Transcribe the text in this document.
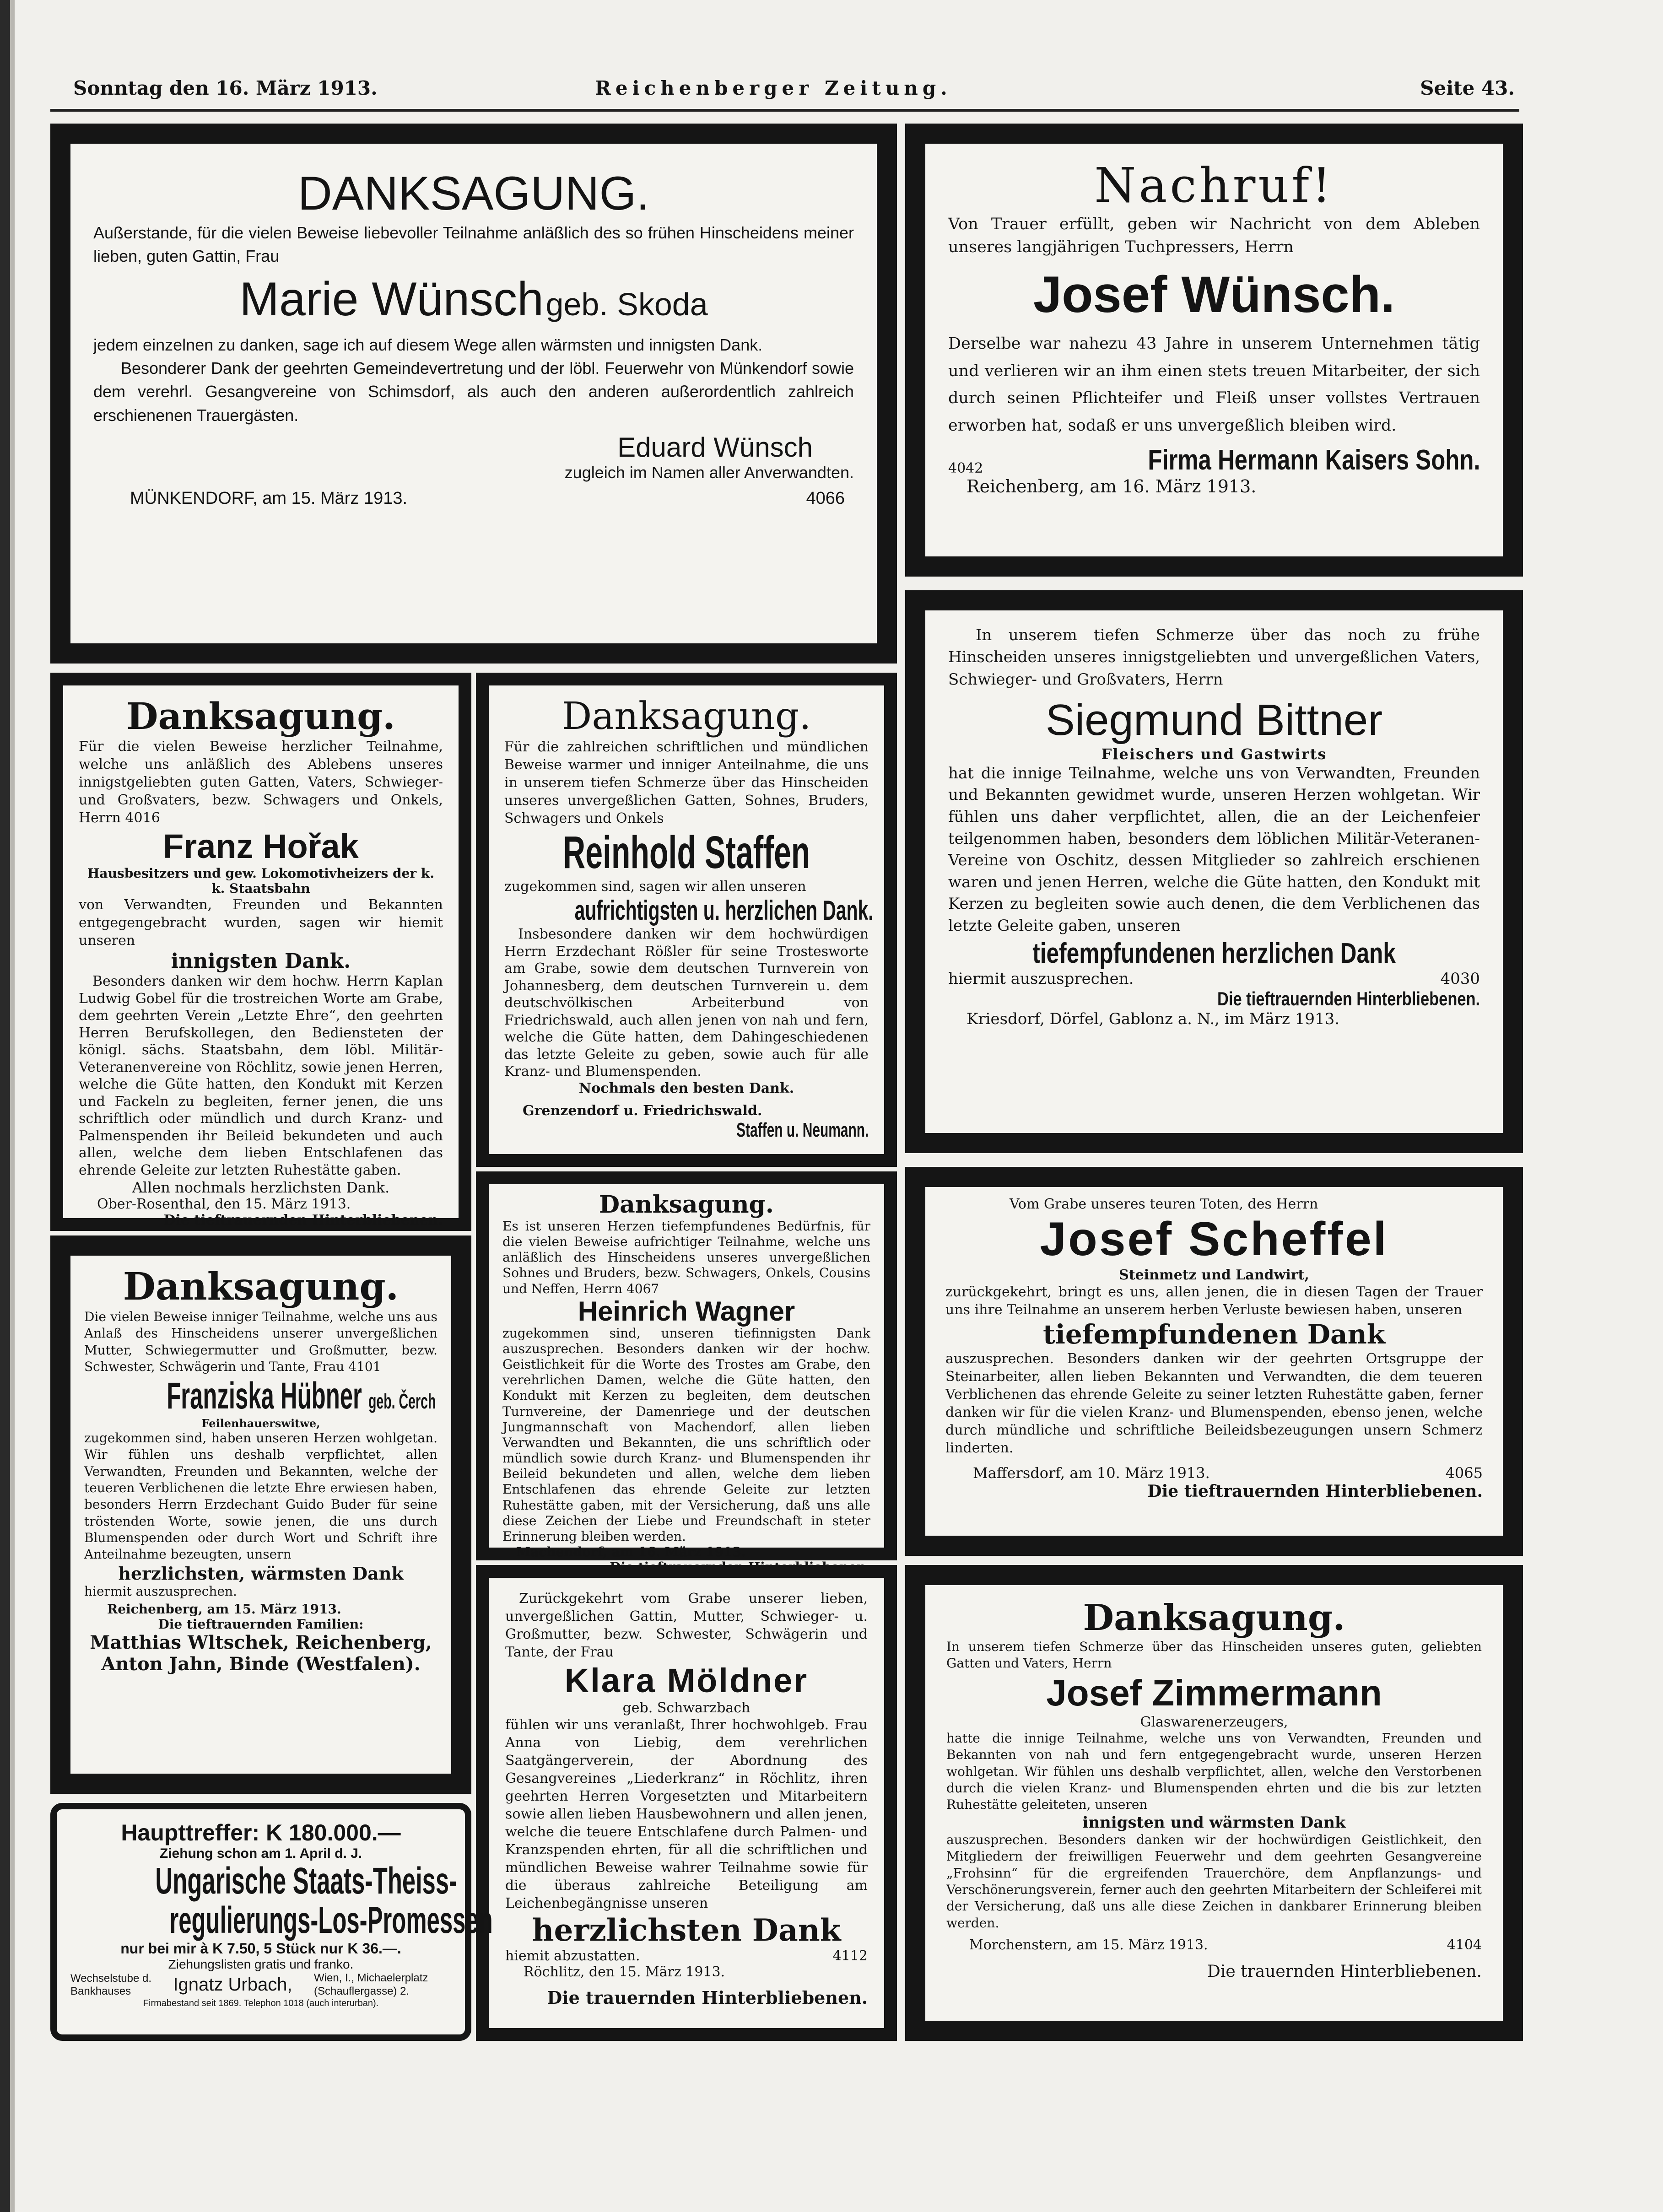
Sonntag den 16. März 1913.	Reichenberger Zeitung.	Seite 43.
DANKSAGUNG.

Außerstande, für die vielen Beweise liebevoller Teilnahme anläßlich des so frühen Hinscheidens meiner lieben, guten Gattin, Frau

Marie Wünsch geb. Skoda

jedem einzelnen zu danken, sage ich auf diesem Wege allen wärmsten und innigsten Dank.

Besonderer Dank der geehrten Gemeindevertretung und der löbl. Feuerwehr von Münkendorf sowie dem verehrl. Gesangvereine von Schimsdorf, als auch den anderen außerordentlich zahlreich erschienenen Trauergästen.

Eduard Wünsch
zugleich im Namen aller Anverwandten.
MÜNKENDORF, am 15. März 1913.	4066
Nachruf!

Von Trauer erfüllt, geben wir Nachricht von dem Ableben unseres langjährigen Tuchpressers, Herrn

Josef Wünsch.

Derselbe war nahezu 43 Jahre in unserem Unternehmen tätig und verlieren wir an ihm einen stets treuen Mitarbeiter, der sich durch seinen Pflichteifer und Fleiß unser vollstes Vertrauen erworben hat, sodaß er uns unvergeßlich bleiben wird.

4042	Firma Hermann Kaisers Sohn.
Reichenberg, am 16. März 1913.
Danksagung.

Für die vielen Beweise herzlicher Teilnahme, welche uns anläßlich des Ablebens unseres innigstgeliebten guten Gatten, Vaters, Schwieger- und Großvaters, bezw. Schwagers und Onkels, Herrn 4016

Franz Hořak
Hausbesitzers und gew. Lokomotivheizers der k. k. Staatsbahn

von Verwandten, Freunden und Bekannten entgegengebracht wurden, sagen wir hiemit unseren

innigsten Dank.

Besonders danken wir dem hochw. Herrn Kaplan Ludwig Gobel für die trostreichen Worte am Grabe, dem geehrten Verein „Letzte Ehre“, den geehrten Herren Berufskollegen, den Bediensteten der königl. sächs. Staatsbahn, dem löbl. Militär-Veteranenvereine von Röchlitz, sowie jenen Herren, welche die Güte hatten, den Kondukt mit Kerzen und Fackeln zu begleiten, ferner jenen, die uns schriftlich oder mündlich und durch Kranz- und Palmenspenden ihr Beileid bekundeten und auch allen, welche dem lieben Entschlafenen das ehrende Geleite zur letzten Ruhestätte gaben.

Allen nochmals herzlichsten Dank.
Ober-Rosenthal, den 15. März 1913.
Die tieftrauernden Hinterbliebenen.
Danksagung.

Für die zahlreichen schriftlichen und mündlichen Beweise warmer und inniger Anteilnahme, die uns in unserem tiefen Schmerze über das Hinscheiden unseres unvergeßlichen Gatten, Sohnes, Bruders, Schwagers und Onkels

Reinhold Staffen

zugekommen sind, sagen wir allen unseren

aufrichtigsten u. herzlichen Dank.

Insbesondere danken wir dem hochwürdigen Herrn Erzdechant Rößler für seine Trostesworte am Grabe, sowie dem deutschen Turnverein von Johannesberg, dem deutschen Turnverein u. dem deutschvölkischen Arbeiterbund von Friedrichswald, auch allen jenen von nah und fern, welche die Güte hatten, dem Dahingeschiedenen das letzte Geleite zu geben, sowie auch für alle Kranz- und Blumenspenden.

Nochmals den besten Dank.
Grenzendorf u. Friedrichswald.
Staffen u. Neumann.

In unserem tiefen Schmerze über das noch zu frühe Hinscheiden unseres innigstgeliebten und unvergeßlichen Vaters, Schwieger- und Großvaters, Herrn

Siegmund Bittner
Fleischers und Gastwirts

hat die innige Teilnahme, welche uns von Verwandten, Freunden und Bekannten gewidmet wurde, unseren Herzen wohlgetan. Wir fühlen uns daher verpflichtet, allen, die an der Leichenfeier teilgenommen haben, besonders dem löblichen Militär-Veteranen-Vereine von Oschitz, dessen Mitglieder so zahlreich erschienen waren und jenen Herren, welche die Güte hatten, den Kondukt mit Kerzen zu begleiten sowie auch denen, die dem Verblichenen das letzte Geleite gaben, unseren

tiefempfundenen herzlichen Dank
hiermit auszusprechen.	4030
Die tieftrauernden Hinterbliebenen.
Kriesdorf, Dörfel, Gablonz a. N., im März 1913.
Danksagung.

Es ist unseren Herzen tiefempfundenes Bedürfnis, für die vielen Beweise aufrichtiger Teilnahme, welche uns anläßlich des Hinscheidens unseres unvergeßlichen Sohnes und Bruders, bezw. Schwagers, Onkels, Cousins und Neffen, Herrn 4067

Heinrich Wagner

zugekommen sind, unseren tiefinnigsten Dank auszusprechen. Besonders danken wir der hochw. Geistlichkeit für die Worte des Trostes am Grabe, den verehrlichen Damen, welche die Güte hatten, den Kondukt mit Kerzen zu begleiten, dem deutschen Turnvereine, der Damenriege und der deutschen Jungmannschaft von Machendorf, allen lieben Verwandten und Bekannten, die uns schriftlich oder mündlich sowie durch Kranz- und Blumenspenden ihr Beileid bekundeten und allen, welche dem lieben Entschlafenen das ehrende Geleite zur letzten Ruhestätte gaben, mit der Versicherung, daß uns alle diese Zeichen der Liebe und Freundschaft in steter Erinnerung bleiben werden.

Machendorf, am 16. März 1913.
Vom Grabe unseres teuren Toten, des Herrn
Josef Scheffel
Steinmetz und Landwirt,

zurückgekehrt, bringt es uns, allen jenen, die in diesen Tagen der Trauer uns ihre Teilnahme an unserem herben Verluste bewiesen haben, unseren

tiefempfundenen Dank

auszusprechen. Besonders danken wir der geehrten Ortsgruppe der Steinarbeiter, allen lieben Bekannten und Verwandten, die dem teueren Verblichenen das ehrende Geleite zu seiner letzten Ruhestätte gaben, ferner danken wir für die vielen Kranz- und Blumenspenden, ebenso jenen, welche durch mündliche und schriftliche Beileidsbezeugungen unsern Schmerz linderten.

Maffersdorf, am 10. März 1913.	4065
Die tieftrauernden Hinterbliebenen.
Danksagung.

Die vielen Beweise inniger Teilnahme, welche uns aus Anlaß des Hinscheidens unserer unvergeßlichen Mutter, Schwiegermutter und Großmutter, bezw. Schwester, Schwägerin und Tante, Frau 4101

Franziska Hübner geb. Čerch
Feilenhauerswitwe,

zugekommen sind, haben unseren Herzen wohlgetan. Wir fühlen uns deshalb verpflichtet, allen Verwandten, Freunden und Bekannten, welche der teueren Verblichenen die letzte Ehre erwiesen haben, besonders Herrn Erzdechant Guido Buder für seine tröstenden Worte, sowie jenen, die uns durch Blumenspenden oder durch Wort und Schrift ihre Anteilnahme bezeugten, unsern

herzlichsten, wärmsten Dank
hiermit auszusprechen.
Reichenberg, am 15. März 1913.
Die tieftrauernden Familien:
Matthias Wltschek, Reichenberg,
Anton Jahn, Binde (Westfalen).

Zurückgekehrt vom Grabe unserer lieben, unvergeßlichen Gattin, Mutter, Schwieger- u. Großmutter, bezw. Schwester, Schwägerin und Tante, der Frau

Klara Möldner
geb. Schwarzbach

fühlen wir uns veranlaßt, Ihrer hochwohlgeb. Frau Anna von Liebig, dem verehrlichen Saatgängerverein, der Abordnung des Gesangvereines „Liederkranz“ in Röchlitz, ihren geehrten Herren Vorgesetzten und Mitarbeitern sowie allen lieben Hausbewohnern und allen jenen, welche die teuere Entschlafene durch Palmen- und Kranzspenden ehrten, für all die schriftlichen und mündlichen Beweise wahrer Teilnahme sowie für die überaus zahlreiche Beteiligung am Leichenbegängnisse unseren

herzlichsten Dank
hiemit abzustatten.	4112
Röchlitz, den 15. März 1913.
Die trauernden Hinterbliebenen.
Danksagung.

In unserem tiefen Schmerze über das Hinscheiden unseres guten, geliebten Gatten und Vaters, Herrn

Josef Zimmermann
Glaswarenerzeugers,

hatte die innige Teilnahme, welche uns von Verwandten, Freunden und Bekannten von nah und fern entgegengebracht wurde, unseren Herzen wohlgetan. Wir fühlen uns deshalb verpflichtet, allen, welche den Verstorbenen durch die vielen Kranz- und Blumenspenden ehrten und die bis zur letzten Ruhestätte geleiteten, unseren

innigsten und wärmsten Dank

auszusprechen. Besonders danken wir der hochwürdigen Geistlichkeit, den Mitgliedern der freiwilligen Feuerwehr und dem geehrten Gesangvereine „Frohsinn“ für die ergreifenden Trauerchöre, dem Anpflanzungs- und Verschönerungsverein, ferner auch den geehrten Mitarbeitern der Schleiferei mit der Versicherung, daß uns alle diese Zeichen in dankbarer Erinnerung bleiben werden.

Morchenstern, am 15. März 1913.	4104
Die trauernden Hinterbliebenen.
Haupttreffer: K 180.000.—
Ziehung schon am 1. April d. J.
Ungarische Staats-Theiss-
regulierungs-Los-Promessen
nur bei mir à K 7.50, 5 Stück nur K 36.—.
Ziehungslisten gratis und franko.
Wechselstube d.
Bankhauses	Ignatz Urbach, Wien, I., Michaelerplatz (Schauflergasse) 2.
Firmabestand seit 1869. Telephon 1018 (auch interurban).
